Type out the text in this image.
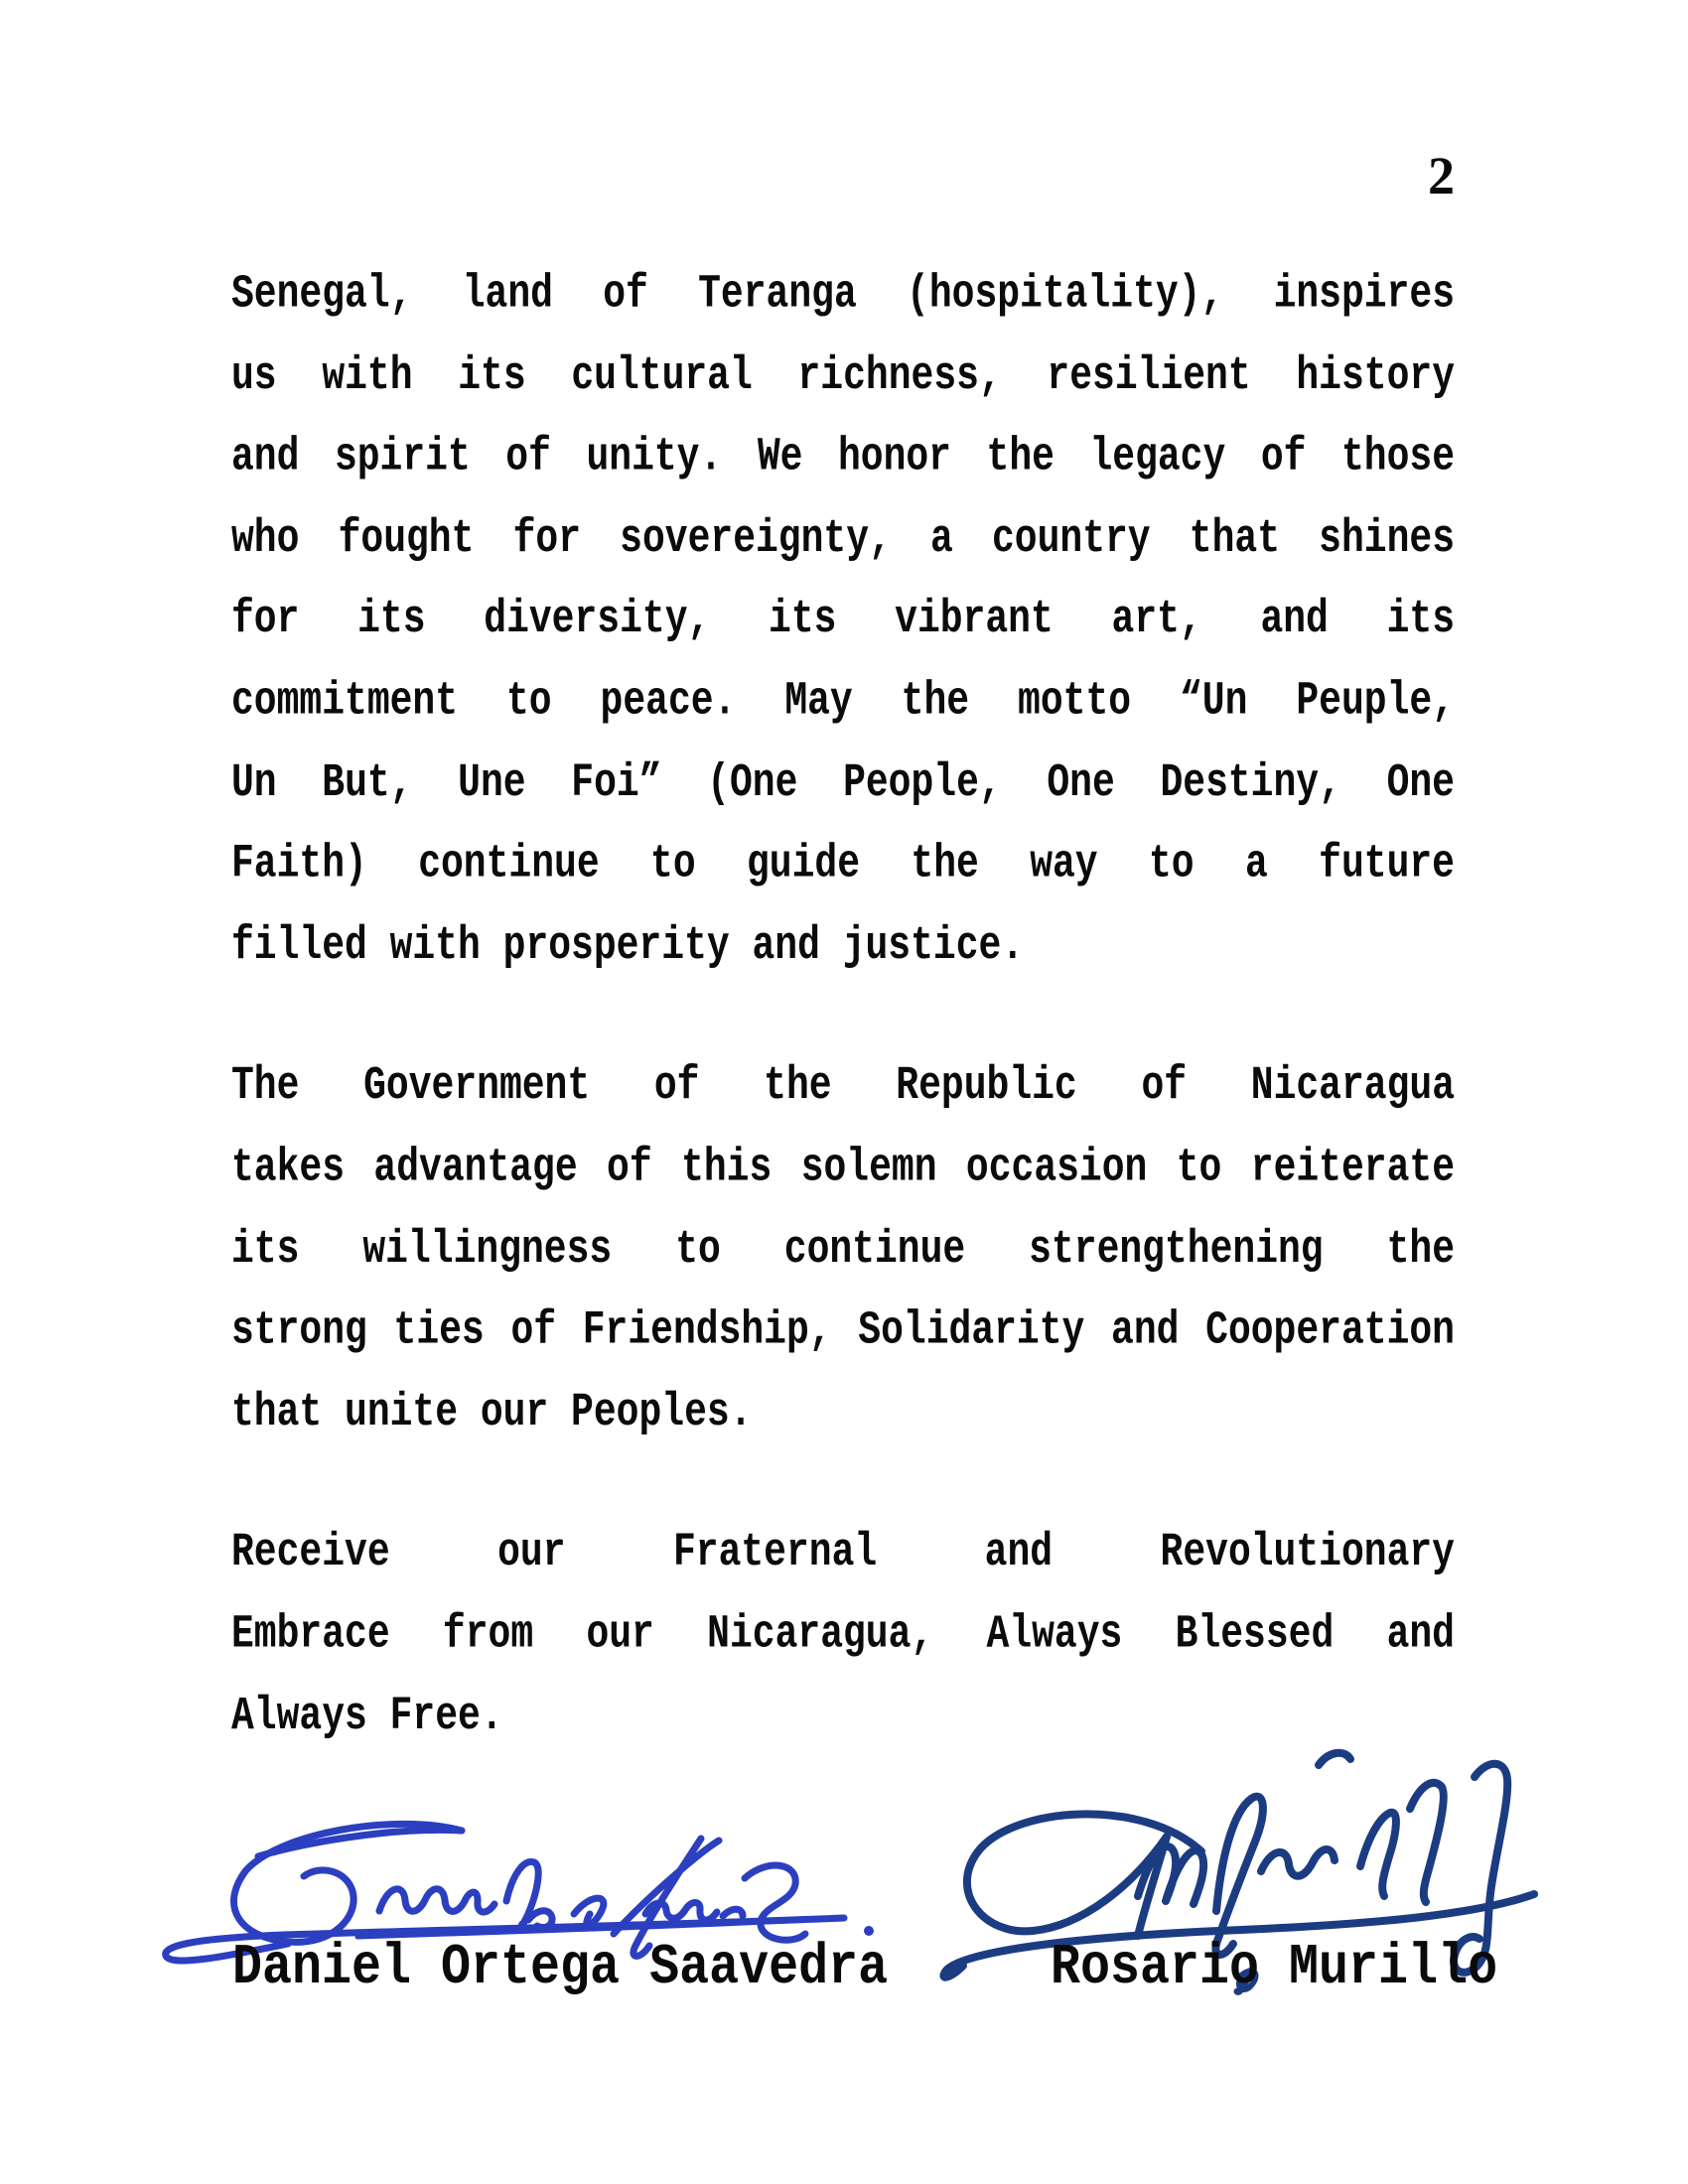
2
Senegal, land of Teranga (hospitality), inspires
us with its cultural richness, resilient history
and spirit of unity. We honor the legacy of those
who fought for sovereignty, a country that shines
for its diversity, its vibrant art, and its
commitment to peace. May the motto “Un Peuple,
Un But, Une Foi” (One People, One Destiny, One
Faith) continue to guide the way to a future
filled with prosperity and justice.
The Government of the Republic of Nicaragua
takes advantage of this solemn occasion to reiterate
its willingness to continue strengthening the
strong ties of Friendship, Solidarity and Cooperation
that unite our Peoples.
Receive our Fraternal and Revolutionary
Embrace from our Nicaragua, Always Blessed and
Always Free.
Daniel Ortega Saavedra	Rosario Murillo
